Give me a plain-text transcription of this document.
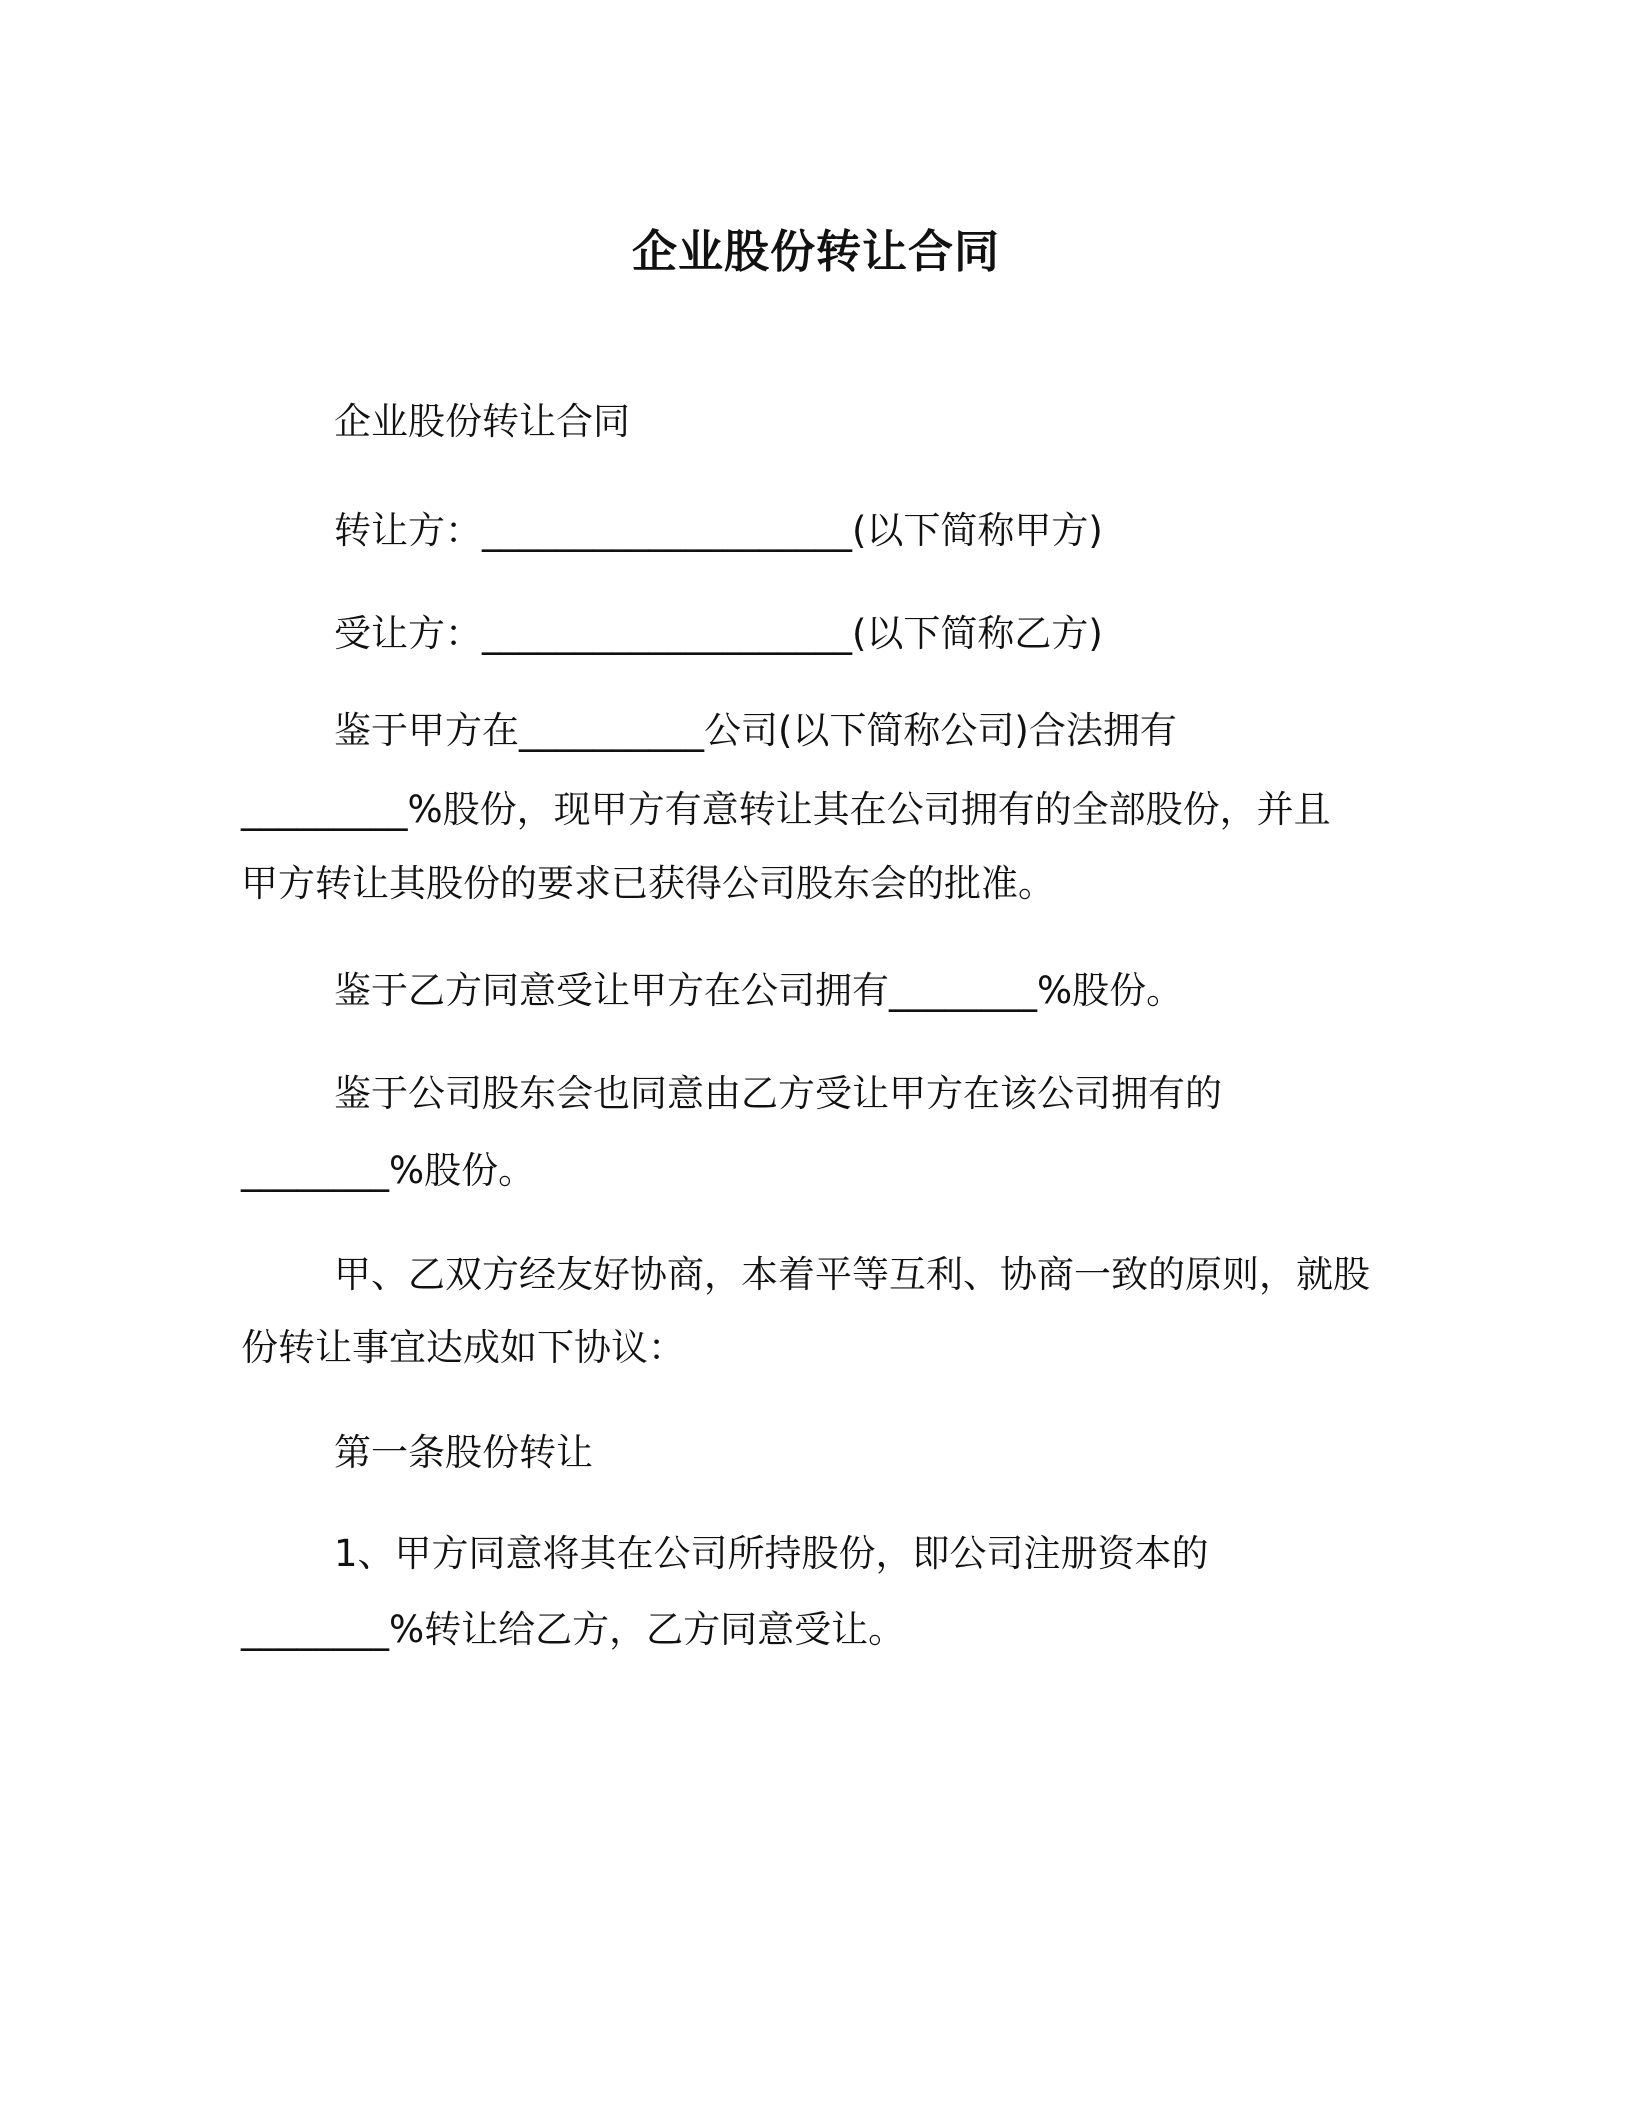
企业股份转让合同
企业股份转让合同
转让方：____________________(以下简称甲方)
受让方：____________________(以下简称乙方)
鉴于甲方在__________公司(以下简称公司)合法拥有
_________%股份，现甲方有意转让其在公司拥有的全部股份，并且
甲方转让其股份的要求已获得公司股东会的批准。
鉴于乙方同意受让甲方在公司拥有________%股份。
鉴于公司股东会也同意由乙方受让甲方在该公司拥有的
________%股份。
甲、乙双方经友好协商，本着平等互利、协商一致的原则，就股
份转让事宜达成如下协议：
第一条股份转让
1、甲方同意将其在公司所持股份，即公司注册资本的
________%转让给乙方，乙方同意受让。
